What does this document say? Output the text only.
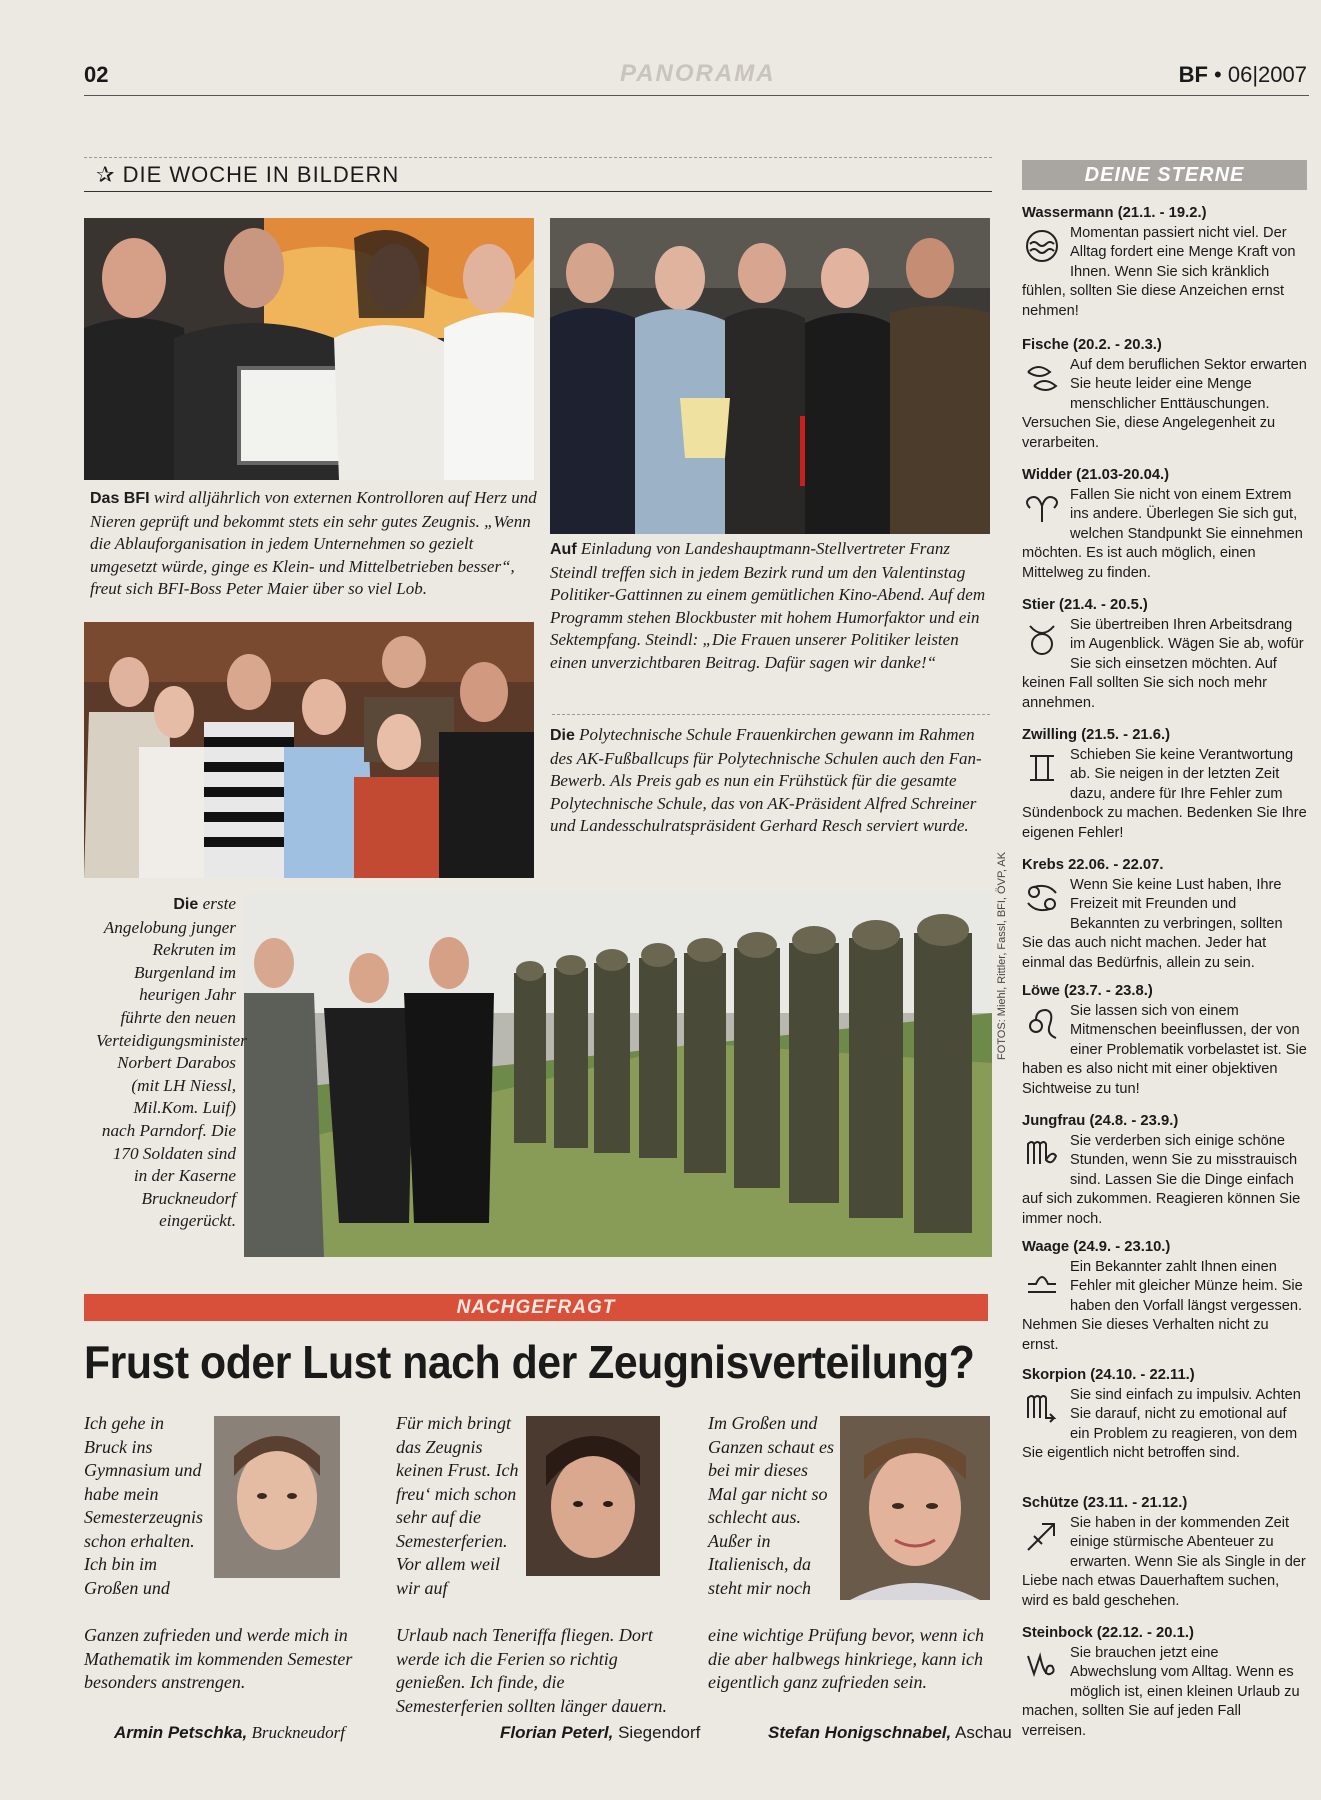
02	PANORAMA	BF • 06|2007
✰ DIE WOCHE IN BILDERN
Das BFI wird alljährlich von externen Kontrolloren auf Herz und Nieren geprüft und bekommt stets ein sehr gutes Zeugnis. „Wenn die Ablauforganisation in jedem Unternehmen so gezielt umgesetzt würde, ginge es Klein- und Mittelbetrieben besser“, freut sich BFI-Boss Peter Maier über so viel Lob.
Auf Einladung von Landeshauptmann-Stellvertreter Franz Steindl treffen sich in jedem Bezirk rund um den Valentinstag Politiker-Gattinnen zu einem gemütlichen Kino-Abend. Auf dem Programm stehen Blockbuster mit hohem Humorfaktor und ein Sektempfang. Steindl: „Die Frauen unserer Politiker leisten einen unverzichtbaren Beitrag. Dafür sagen wir danke!“
Die Polytechnische Schule Frauenkirchen gewann im Rahmen des AK-Fußballcups für Polytechnische Schulen auch den Fan-Bewerb. Als Preis gab es nun ein Frühstück für die gesamte Polytechnische Schule, das von AK-Präsident Alfred Schreiner und Landesschulratspräsident Gerhard Resch serviert wurde.
Die erste Angelobung junger Rekruten im Burgenland im heurigen Jahr führte den neuen Verteidigungsminister Norbert Darabos (mit LH Niessl, Mil.Kom. Luif) nach Parndorf. Die 170 Soldaten sind in der Kaserne Bruckneudorf eingerückt.
FOTOS: Miehl, Rittler, Fassl, BFI, ÖVP, AK
DEINE STERNE
Wassermann (21.1. - 19.2.)
Momentan passiert nicht viel. Der Alltag fordert eine Menge Kraft von Ihnen. Wenn Sie sich kränklich fühlen, sollten Sie diese Anzeichen ernst nehmen!
Fische (20.2. - 20.3.)
Auf dem beruflichen Sektor erwarten Sie heute leider eine Menge menschlicher Enttäuschungen. Versuchen Sie, diese Angelegenheit zu verarbeiten.
Widder (21.03-20.04.)
Fallen Sie nicht von einem Extrem ins andere. Überlegen Sie sich gut, welchen Standpunkt Sie einnehmen möchten. Es ist auch möglich, einen Mittelweg zu finden.
Stier (21.4. - 20.5.)
Sie übertreiben Ihren Arbeitsdrang im Augenblick. Wägen Sie ab, wofür Sie sich einsetzen möchten. Auf keinen Fall sollten Sie sich noch mehr annehmen.
Zwilling (21.5. - 21.6.)
Schieben Sie keine Verantwortung ab. Sie neigen in der letzten Zeit dazu, andere für Ihre Fehler zum Sündenbock zu machen. Bedenken Sie Ihre eigenen Fehler!
Krebs 22.06. - 22.07.
Wenn Sie keine Lust haben, Ihre Freizeit mit Freunden und Bekannten zu verbringen, sollten Sie das auch nicht machen. Jeder hat einmal das Bedürfnis, allein zu sein.
Löwe (23.7. - 23.8.)
Sie lassen sich von einem Mitmenschen beeinflussen, der von einer Problematik vorbelastet ist. Sie haben es also nicht mit einer objektiven Sichtweise zu tun!
Jungfrau (24.8. - 23.9.)
Sie verderben sich einige schöne Stunden, wenn Sie zu misstrauisch sind. Lassen Sie die Dinge einfach auf sich zukommen. Reagieren können Sie immer noch.
Waage (24.9. - 23.10.)
Ein Bekannter zahlt Ihnen einen Fehler mit gleicher Münze heim. Sie haben den Vorfall längst vergessen. Nehmen Sie dieses Verhalten nicht zu ernst.
Skorpion (24.10. - 22.11.)
Sie sind einfach zu impulsiv. Achten Sie darauf, nicht zu emotional auf ein Problem zu reagieren, von dem Sie eigentlich nicht betroffen sind.
Schütze (23.11. - 21.12.)
Sie haben in der kommenden Zeit einige stürmische Abenteuer zu erwarten. Wenn Sie als Single in der Liebe nach etwas Dauerhaftem suchen, wird es bald geschehen.
Steinbock (22.12. - 20.1.)
Sie brauchen jetzt eine Abwechslung vom Alltag. Wenn es möglich ist, einen kleinen Urlaub zu machen, sollten Sie auf jeden Fall verreisen.
NACHGEFRAGT
Frust oder Lust nach der Zeugnisverteilung?
Ich gehe in Bruck ins Gymnasium und habe mein Semesterzeugnis schon erhalten. Ich bin im Großen und
Ganzen zufrieden und werde mich in Mathematik im kommenden Semester besonders anstrengen.
Armin Petschka, Bruckneudorf
Für mich bringt das Zeugnis keinen Frust. Ich freu‘ mich schon sehr auf die Semesterferien. Vor allem weil wir auf
Urlaub nach Teneriffa fliegen. Dort werde ich die Ferien so richtig genießen. Ich finde, die Semesterferien sollten länger dauern.
Florian Peterl, Siegendorf
Im Großen und Ganzen schaut es bei mir dieses Mal gar nicht so schlecht aus. Außer in Italienisch, da steht mir noch
eine wichtige Prüfung bevor, wenn ich die aber halbwegs hinkriege, kann ich eigentlich ganz zufrieden sein.
Stefan Honigschnabel, Aschau
